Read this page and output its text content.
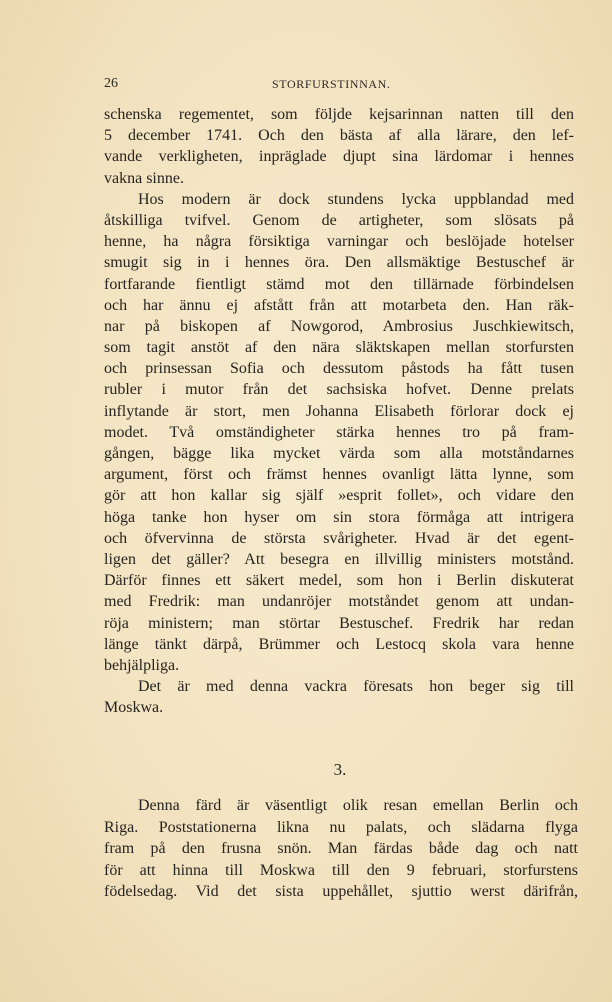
26	STORFURSTINNAN.
schenska regementet, som följde kejsarinnan natten till den
5 december 1741. Och den bästa af alla lärare, den lef-
vande verkligheten, inpräglade djupt sina lärdomar i hennes
vakna sinne.
Hos modern är dock stundens lycka uppblandad med
åtskilliga tvifvel. Genom de artigheter, som slösats på
henne, ha några försiktiga varningar och beslöjade hotelser
smugit sig in i hennes öra. Den allsmäktige Bestuschef är
fortfarande fientligt stämd mot den tillärnade förbindelsen
och har ännu ej afstått från att motarbeta den. Han räk-
nar på biskopen af Nowgorod, Ambrosius Juschkiewitsch,
som tagit anstöt af den nära släktskapen mellan storfursten
och prinsessan Sofia och dessutom påstods ha fått tusen
rubler i mutor från det sachsiska hofvet. Denne prelats
inflytande är stort, men Johanna Elisabeth förlorar dock ej
modet. Två omständigheter stärka hennes tro på fram-
gången, bägge lika mycket värda som alla motståndarnes
argument, först och främst hennes ovanligt lätta lynne, som
gör att hon kallar sig själf »esprit follet», och vidare den
höga tanke hon hyser om sin stora förmåga att intrigera
och öfvervinna de största svårigheter. Hvad är det egent-
ligen det gäller? Att besegra en illvillig ministers motstånd.
Därför finnes ett säkert medel, som hon i Berlin diskuterat
med Fredrik: man undanröjer motståndet genom att undan-
röja ministern; man störtar Bestuschef. Fredrik har redan
länge tänkt därpå, Brümmer och Lestocq skola vara henne
behjälpliga.
Det är med denna vackra föresats hon beger sig till
Moskwa.
3.
Denna färd är väsentligt olik resan emellan Berlin och
Riga. Poststationerna likna nu palats, och slädarna flyga
fram på den frusna snön. Man färdas både dag och natt
för att hinna till Moskwa till den 9 februari, storfurstens
födelsedag. Vid det sista uppehållet, sjuttio werst därifrån,
